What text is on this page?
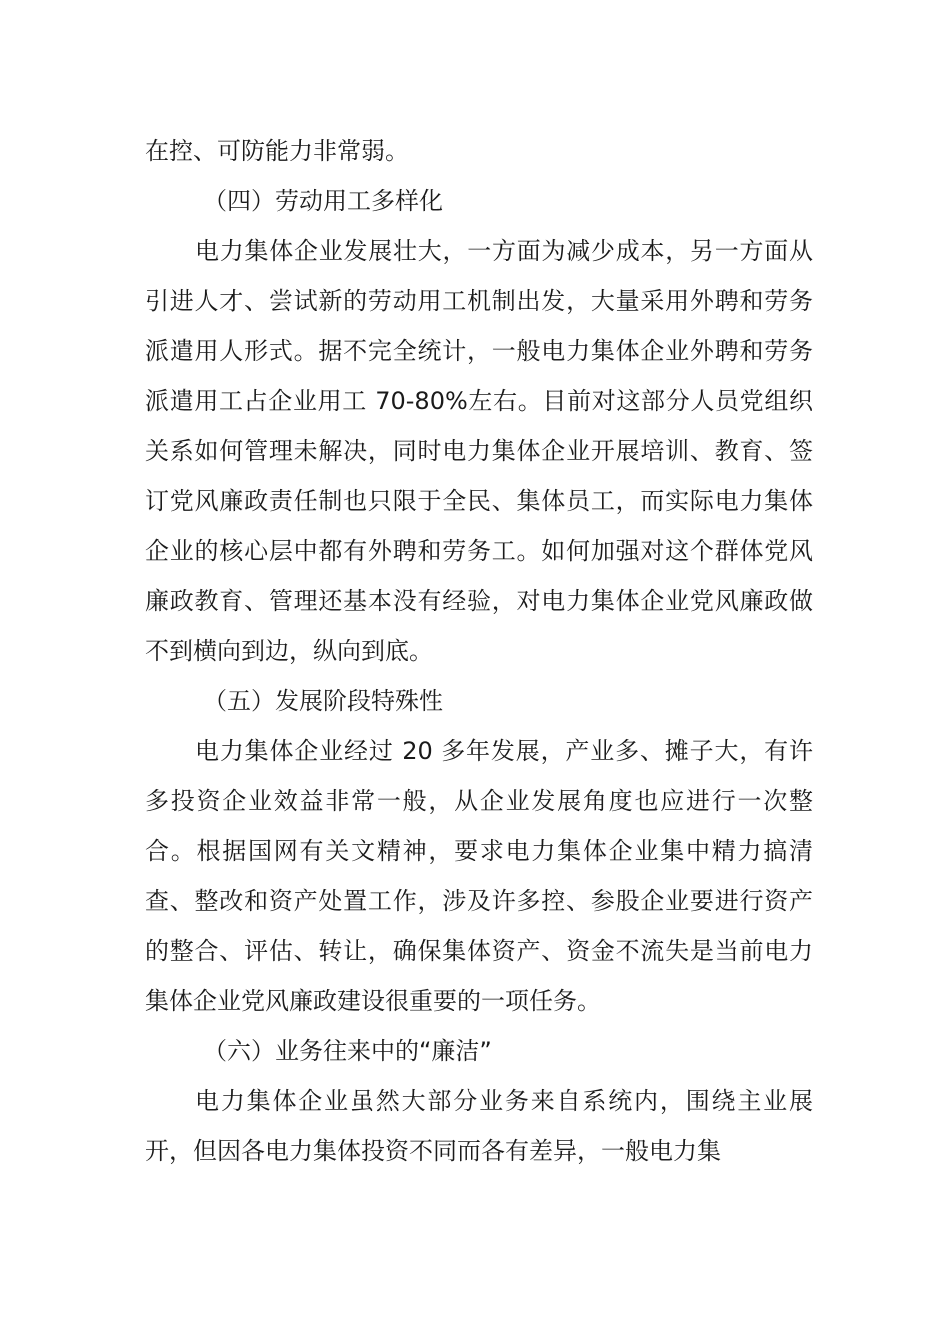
在控、可防能力非常弱。

（四）劳动用工多样化

电力集体企业发展壮大，一方面为减少成本，另一方面从引进人才、尝试新的劳动用工机制出发，大量采用外聘和劳务派遣用人形式。据不完全统计，一般电力集体企业外聘和劳务派遣用工占企业用工 70-80%左右。目前对这部分人员党组织关系如何管理未解决，同时电力集体企业开展培训、教育、签订党风廉政责任制也只限于全民、集体员工，而实际电力集体企业的核心层中都有外聘和劳务工。如何加强对这个群体党风廉政教育、管理还基本没有经验，对电力集体企业党风廉政做不到横向到边，纵向到底。

（五）发展阶段特殊性

电力集体企业经过 20 多年发展，产业多、摊子大，有许多投资企业效益非常一般，从企业发展角度也应进行一次整合。根据国网有关文精神，要求电力集体企业集中精力搞清查、整改和资产处置工作，涉及许多控、参股企业要进行资产的整合、评估、转让，确保集体资产、资金不流失是当前电力集体企业党风廉政建设很重要的一项任务。

（六）业务往来中的“廉洁”

电力集体企业虽然大部分业务来自系统内，围绕主业展开，但因各电力集体投资不同而各有差异，一般电力集
